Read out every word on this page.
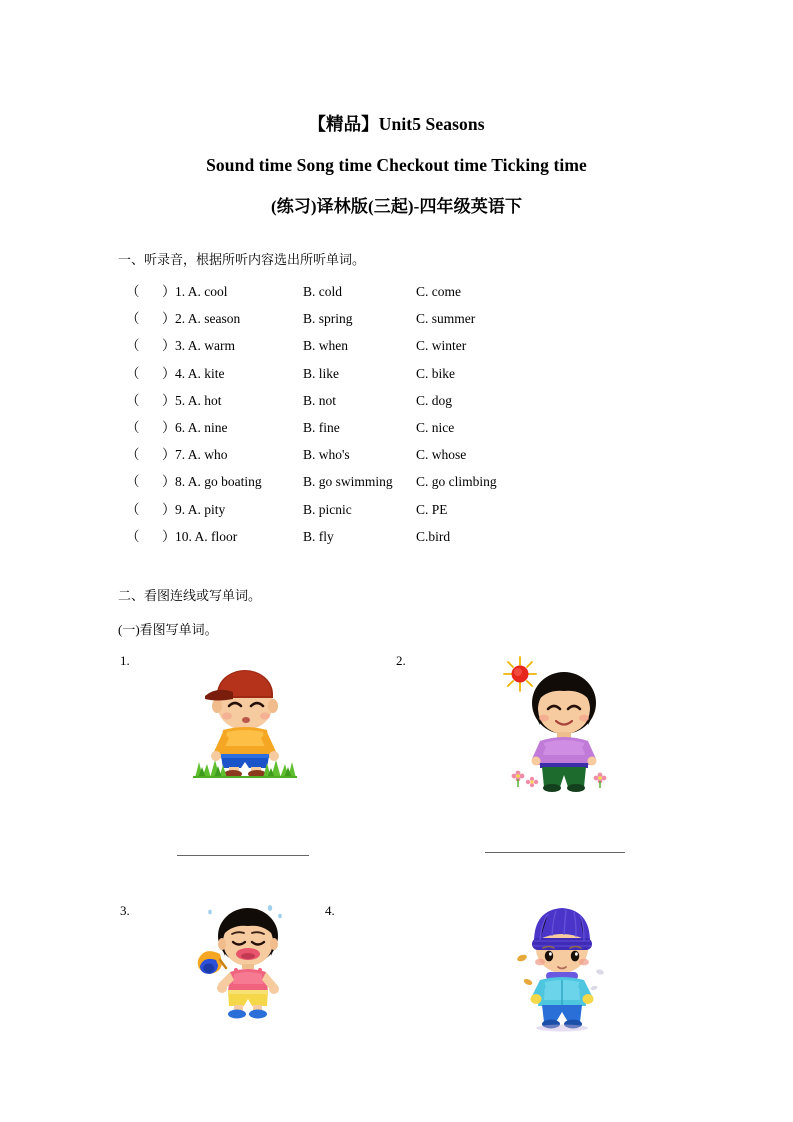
【精品】Unit5 Seasons
Sound time Song time Checkout time Ticking time
(练习)译林版(三起)-四年级英语下
一、听录音，根据所听内容选出所听单词。
（ ） 1. A. cool	B. cold	C. come
（ ） 2. A. season	B. spring	C. summer
（ ） 3. A. warm	B. when	C. winter
（ ） 4. A. kite	B. like	C. bike
（ ） 5. A. hot	B. not	C. dog
（ ） 6. A. nine	B. fine	C. nice
（ ） 7. A. who	B. who's	C. whose
（ ） 8. A. go boating	B. go swimming C. go climbing
（ ） 9. A. pity	B. picnic	C. PE
（ ） 10. A. floor	B. fly	C.bird
二、看图连线或写单词。
(一)看图写单词。
1.	2.
3.	4.
